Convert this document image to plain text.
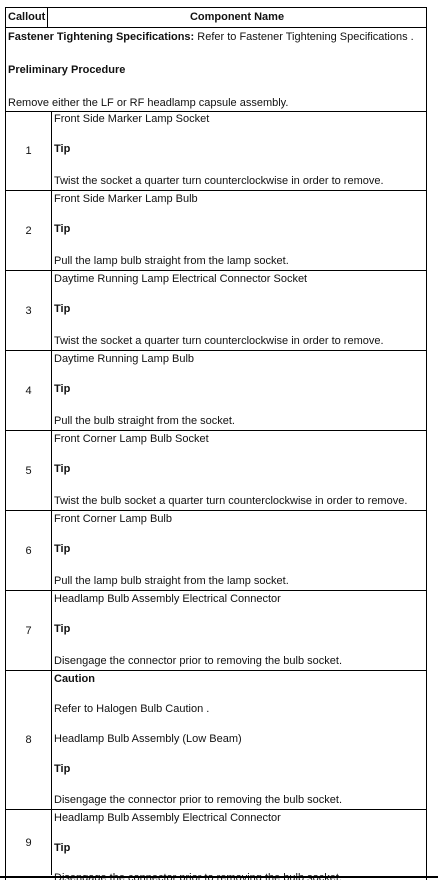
Callout	Component Name
Fastener Tightening Specifications: Refer to Fastener Tightening Specifications .
Preliminary Procedure
Remove either the LF or RF headlamp capsule assembly.
1
Front Side Marker Lamp Socket
Tip
Twist the socket a quarter turn counterclockwise in order to remove.
2
Front Side Marker Lamp Bulb
Tip
Pull the lamp bulb straight from the lamp socket.
3
Daytime Running Lamp Electrical Connector Socket
Tip
Twist the socket a quarter turn counterclockwise in order to remove.
4
Daytime Running Lamp Bulb
Tip
Pull the bulb straight from the socket.
5
Front Corner Lamp Bulb Socket
Tip
Twist the bulb socket a quarter turn counterclockwise in order to remove.
6
Front Corner Lamp Bulb
Tip
Pull the lamp bulb straight from the lamp socket.
7
Headlamp Bulb Assembly Electrical Connector
Tip
Disengage the connector prior to removing the bulb socket.
8
Caution
Refer to Halogen Bulb Caution .
Headlamp Bulb Assembly (Low Beam)
Tip
Disengage the connector prior to removing the bulb socket.
9
Headlamp Bulb Assembly Electrical Connector
Tip
